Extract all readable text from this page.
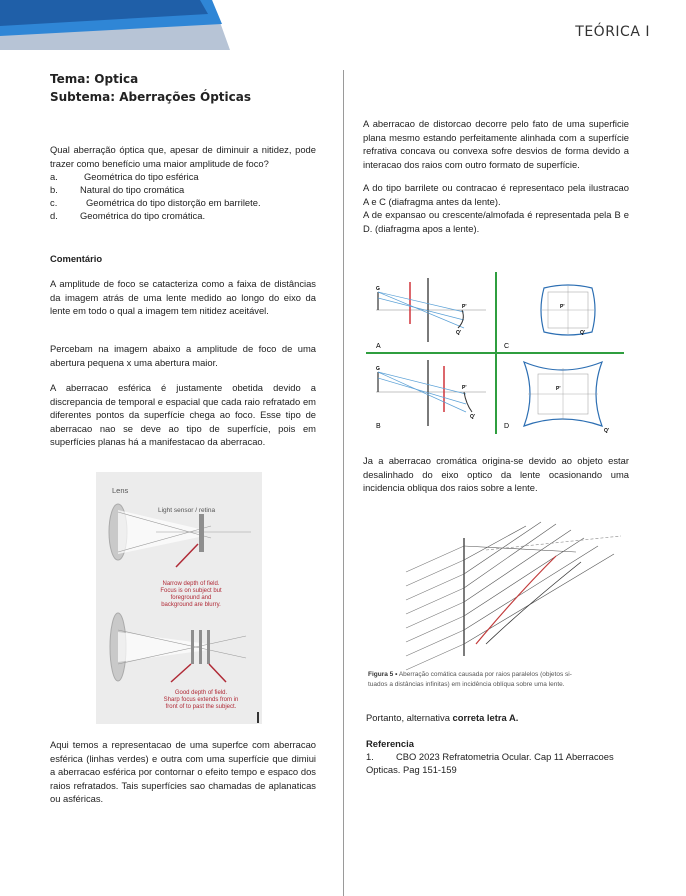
TEÓRICA I
Tema: Optica
Subtema: Aberrações Ópticas
Qual aberração óptica que, apesar de diminuir a nitidez, pode trazer como benefício uma maior amplitude de foco?
a.	Geométrica do tipo esférica
b. Natural do tipo cromática
c.	Geométrica do tipo distorção em barrilete.
d. Geométrica do tipo cromática.
Comentário
A amplitude de foco se catacteriza como a faixa de distâncias da imagem atrás de uma lente medido ao longo do eixo da lente em todo o qual a imagem tem nitidez aceitável.
Percebam na imagem abaixo a amplitude de foco de uma abertura pequena x uma abertura maior.
A aberracao esférica é justamente obetida devido a discrepancia de temporal e espacial que cada raio refratado em diferentes pontos da superfície chega ao foco. Esse tipo de aberracao nao se deve ao tipo de superfície, pois em superfícies planas há a manifestacao da aberracao.
Lens
Light sensor / retina
Narrow depth of field.
Focus is on subject but
foreground and
background are blurry.
Good depth of field.
Sharp focus extends from in
front of to past the subject.
Aqui temos a representacao de uma superfce com aberracao esférica (linhas verdes) e outra com uma superfície que dimiui a aberracao esférica por contornar o efeito tempo e espaco dos raios refratados. Tais superfícies sao chamadas de aplanaticas ou asféricas.
A aberracao de distorcao decorre pelo fato de uma superficie plana mesmo estando perfeitamente alinhada com a superfície refrativa concava ou convexa sofre desvios de forma devido a interacao dos raios com outro formato de superfície.
A do tipo barrilete ou contracao é representaco pela ilustracao A e C (diafragma antes da lente).
A de expansao ou crescente/almofada é representada pela B e D. (diafragma apos a lente).
G
P'
Q'
A
P'
Q'
C
G
P'
Q'
B
P'
Q'
D
Ja a aberracao cromática origina-se devido ao objeto estar desalinhado do eixo optico da lente ocasionando uma incidencia obliqua dos raios sobre a lente.
Figura 5 • Aberração comática causada por raios paralelos (objetos si-
tuados a distâncias infinitas) em incidência oblíqua sobre uma lente.
Portanto, alternativa correta letra A.
Referencia
1. CBO 2023 Refratometria Ocular. Cap 11 Aberracoes Opticas. Pag 151-159
